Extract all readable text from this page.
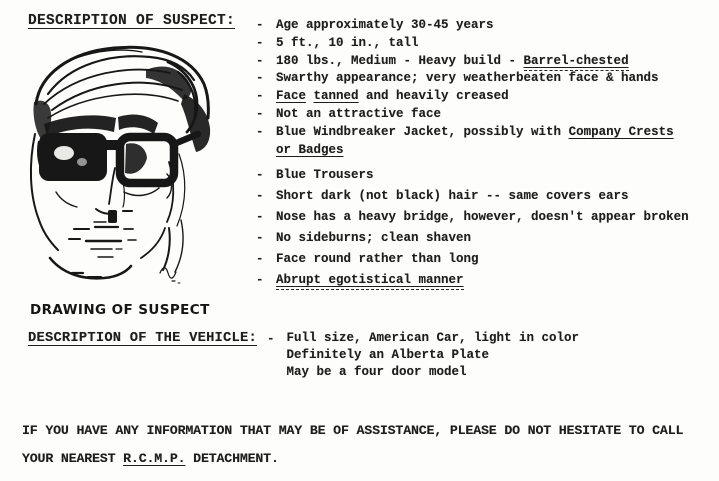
DESCRIPTION OF SUSPECT:
DRAWING OF SUSPECT
- Age approximately 30-45 years
- 5 ft., 10 in., tall
- 180 lbs., Medium - Heavy build - Barrel-chested
- Swarthy appearance; very weatherbeaten face & hands
- Face tanned and heavily creased
- Not an attractive face
- Blue Windbreaker Jacket, possibly with Company Crests
or Badges
- Blue Trousers
- Short dark (not black) hair -- same covers ears
- Nose has a heavy bridge, however, doesn't appear broken
- No sideburns; clean shaven
- Face round rather than long
- Abrupt egotistical manner
DESCRIPTION OF THE VEHICLE: - Full size, American Car, light in color
Definitely an Alberta Plate
May be a four door model
IF YOU HAVE ANY INFORMATION THAT MAY BE OF ASSISTANCE, PLEASE DO NOT HESITATE TO CALL
YOUR NEAREST R.C.M.P. DETACHMENT.
